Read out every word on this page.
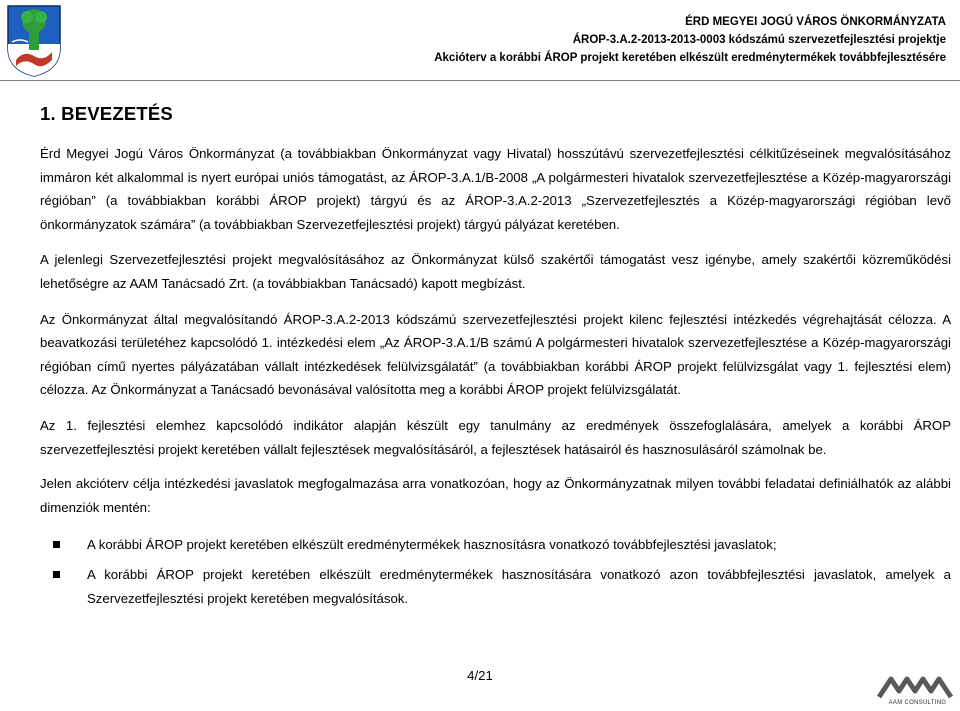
ÉRD MEGYEI JOGÚ VÁROS ÖNKORMÁNYZATA
ÁROP-3.A.2-2013-2013-0003 kódszámú szervezetfejlesztési projektje
Akcióterv a korábbi ÁROP projekt keretében elkészült eredménytermékek továbbfejlesztésére
1. BEVEZETÉS

Érd Megyei Jogú Város Önkormányzat (a továbbiakban Önkormányzat vagy Hivatal) hosszútávú szervezetfejlesztési célkitűzéseinek megvalósításához immáron két alkalommal is nyert európai uniós támogatást, az ÁROP-3.A.1/B-2008 „A polgármesteri hivatalok szervezetfejlesztése a Közép-magyarországi régióban” (a továbbiakban korábbi ÁROP projekt) tárgyú és az ÁROP-3.A.2-2013 „Szervezetfejlesztés a Közép-magyarországi régióban levő önkormányzatok számára” (a továbbiakban Szervezetfejlesztési projekt) tárgyú pályázat keretében.

A jelenlegi Szervezetfejlesztési projekt megvalósításához az Önkormányzat külső szakértői támogatást vesz igénybe, amely szakértői közreműködési lehetőségre az AAM Tanácsadó Zrt. (a továbbiakban Tanácsadó) kapott megbízást.

Az Önkormányzat által megvalósítandó ÁROP-3.A.2-2013 kódszámú szervezetfejlesztési projekt kilenc fejlesztési intézkedés végrehajtását célozza. A beavatkozási területéhez kapcsolódó 1. intézkedési elem „Az ÁROP-3.A.1/B számú A polgármesteri hivatalok szervezetfejlesztése a Közép-magyarországi régióban című nyertes pályázatában vállalt intézkedések felülvizsgálatát” (a továbbiakban korábbi ÁROP projekt felülvizsgálat vagy 1. fejlesztési elem) célozza. Az Önkormányzat a Tanácsadó bevonásával valósította meg a korábbi ÁROP projekt felülvizsgálatát.

Az 1. fejlesztési elemhez kapcsolódó indikátor alapján készült egy tanulmány az eredmények összefoglalására, amelyek a korábbi ÁROP szervezetfejlesztési projekt keretében vállalt fejlesztések megvalósításáról, a fejlesztések hatásairól és hasznosulásáról számolnak be.

Jelen akcióterv célja intézkedési javaslatok megfogalmazása arra vonatkozóan, hogy az Önkormányzatnak milyen további feladatai definiálhatók az alábbi dimenziók mentén:

A korábbi ÁROP projekt keretében elkészült eredménytermékek hasznosításra vonatkozó továbbfejlesztési javaslatok;
A korábbi ÁROP projekt keretében elkészült eredménytermékek hasznosítására vonatkozó azon továbbfejlesztési javaslatok, amelyek a Szervezetfejlesztési projekt keretében megvalósítások.
4/21
AAM CONSULTING
